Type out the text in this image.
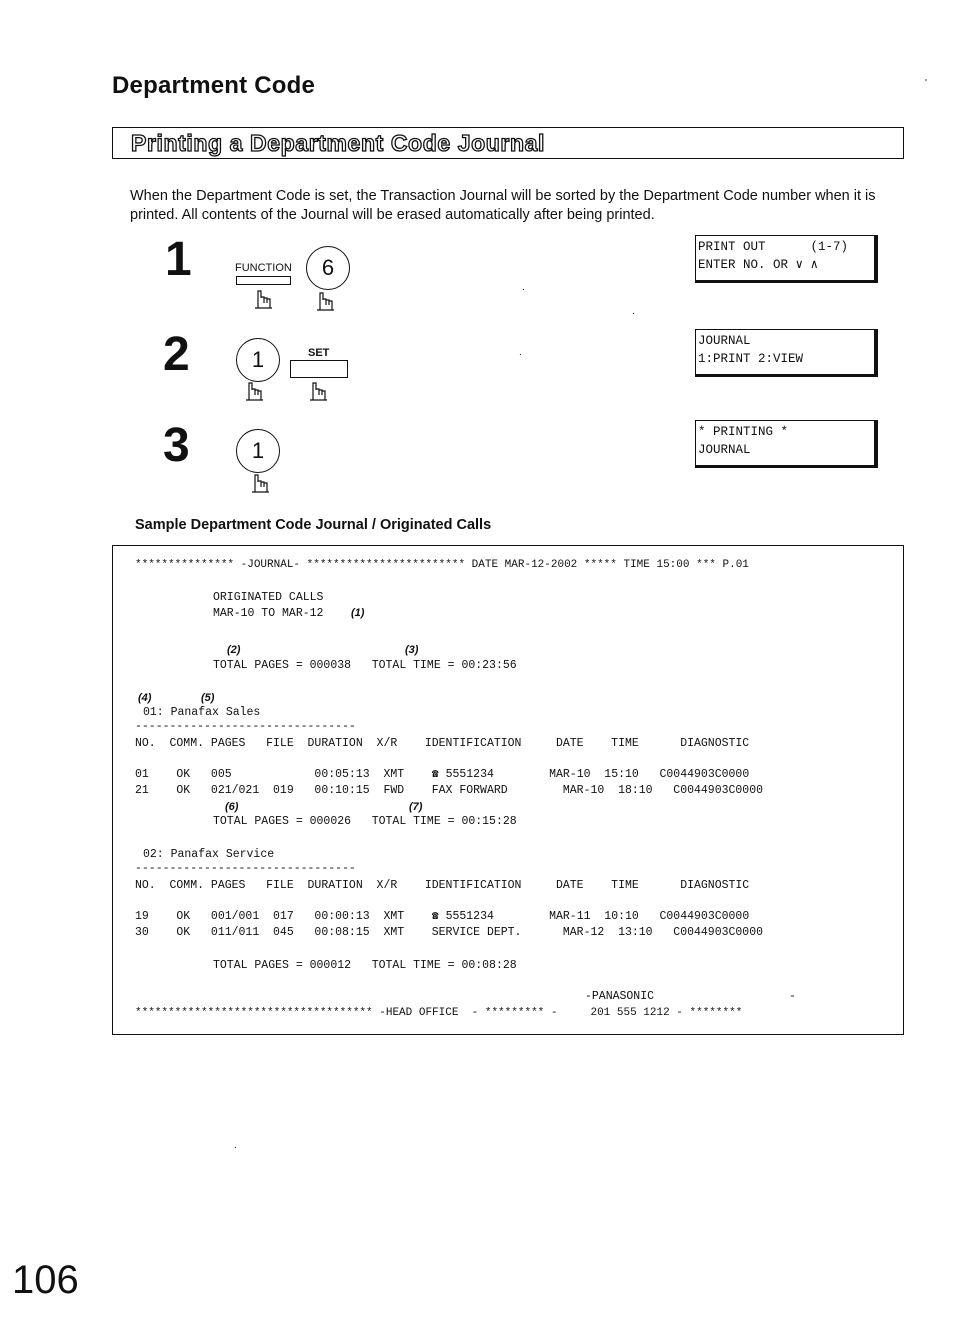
Department Code
Printing a Department Code Journal
When the Department Code is set, the Transaction Journal will be sorted by the Department Code number when it is printed. All contents of the Journal will be erased automatically after being printed.
1	FUNCTION	6
2	1	SET
3	1
PRINT OUT      (1-7)
ENTER NO. OR ∨ ∧
JOURNAL
1:PRINT 2:VIEW
* PRINTING *
JOURNAL
.
.
.
'
Sample Department Code Journal / Originated Calls
*************** -JOURNAL- ************************ DATE MAR-12-2002 ***** TIME 15:00 *** P.01
ORIGINATED CALLS
MAR-10 TO MAR-12	(1)
(2)	(3)
TOTAL PAGES = 000038   TOTAL TIME = 00:23:56
(4)	(5)
01: Panafax Sales
--------------------------------
NO.  COMM. PAGES   FILE  DURATION  X/R    IDENTIFICATION     DATE    TIME      DIAGNOSTIC
01    OK   005            00:05:13  XMT    ☎ 5551234        MAR-10  15:10   C0044903C0000
21    OK   021/021  019   00:10:15  FWD    FAX FORWARD        MAR-10  18:10   C0044903C0000
(6)	(7)
TOTAL PAGES = 000026   TOTAL TIME = 00:15:28
02: Panafax Service
--------------------------------
NO.  COMM. PAGES   FILE  DURATION  X/R    IDENTIFICATION     DATE    TIME      DIAGNOSTIC
19    OK   001/001  017   00:00:13  XMT    ☎ 5551234        MAR-11  10:10   C0044903C0000
30    OK   011/011  045   00:08:15  XMT    SERVICE DEPT.      MAR-12  13:10   C0044903C0000
TOTAL PAGES = 000012   TOTAL TIME = 00:08:28
-PANASONIC	-
************************************ -HEAD OFFICE  - ********* -     201 555 1212 - ********
.
106
